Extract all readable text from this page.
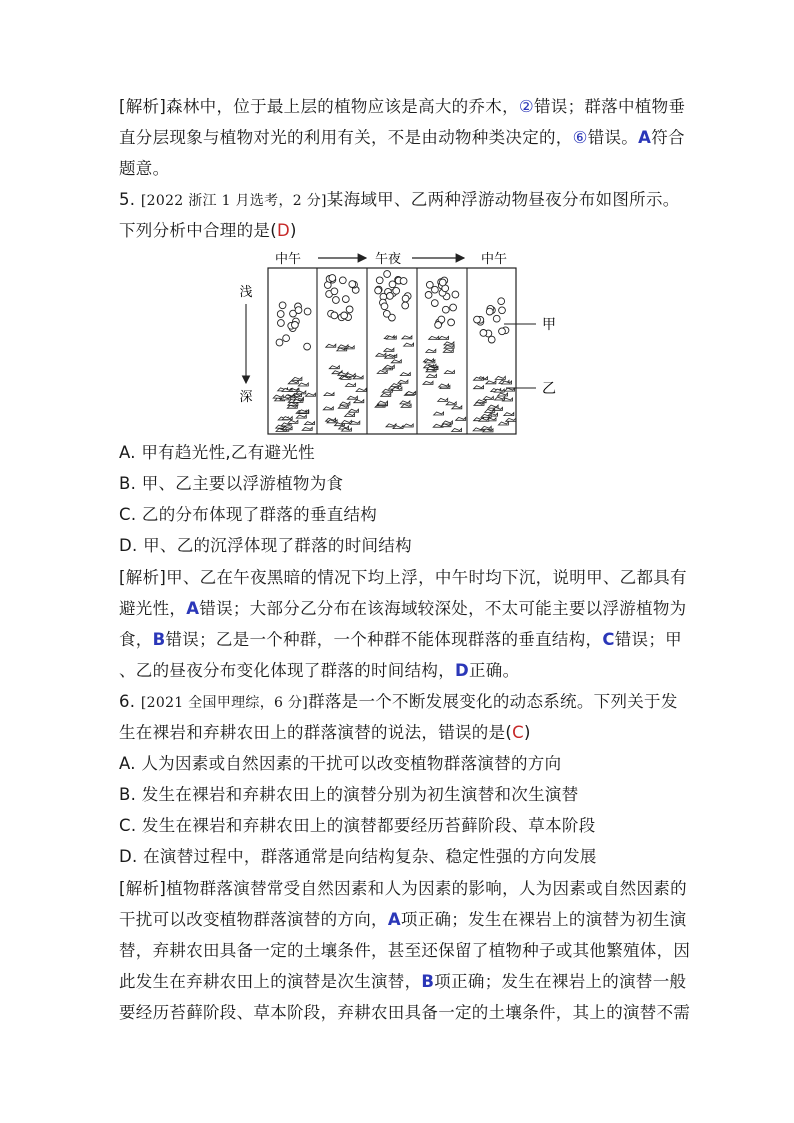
[解析]森林中，位于最上层的植物应该是高大的乔木，②错误；群落中植物垂
直分层现象与植物对光的利用有关，不是由动物种类决定的，⑥错误。A符合
题意。
5. [2022 浙江 1 月选考，2 分]某海域甲、乙两种浮游动物昼夜分布如图所示。
下列分析中合理的是(D)
中午	午夜	中午
浅
深
甲
乙
A. 甲有趋光性,乙有避光性
B. 甲、乙主要以浮游植物为食
C. 乙的分布体现了群落的垂直结构
D. 甲、乙的沉浮体现了群落的时间结构
[解析]甲、乙在午夜黑暗的情况下均上浮，中午时均下沉，说明甲、乙都具有
避光性，A错误；大部分乙分布在该海域较深处，不太可能主要以浮游植物为
食，B错误；乙是一个种群，一个种群不能体现群落的垂直结构，C错误；甲
、乙的昼夜分布变化体现了群落的时间结构，D正确。
6. [2021 全国甲理综，6 分]群落是一个不断发展变化的动态系统。下列关于发
生在裸岩和弃耕农田上的群落演替的说法，错误的是(C)
A. 人为因素或自然因素的干扰可以改变植物群落演替的方向
B. 发生在裸岩和弃耕农田上的演替分别为初生演替和次生演替
C. 发生在裸岩和弃耕农田上的演替都要经历苔藓阶段、草本阶段
D. 在演替过程中，群落通常是向结构复杂、稳定性强的方向发展
[解析]植物群落演替常受自然因素和人为因素的影响，人为因素或自然因素的
干扰可以改变植物群落演替的方向，A项正确；发生在裸岩上的演替为初生演
替，弃耕农田具备一定的土壤条件，甚至还保留了植物种子或其他繁殖体，因
此发生在弃耕农田上的演替是次生演替，B项正确；发生在裸岩上的演替一般
要经历苔藓阶段、草本阶段，弃耕农田具备一定的土壤条件，其上的演替不需
